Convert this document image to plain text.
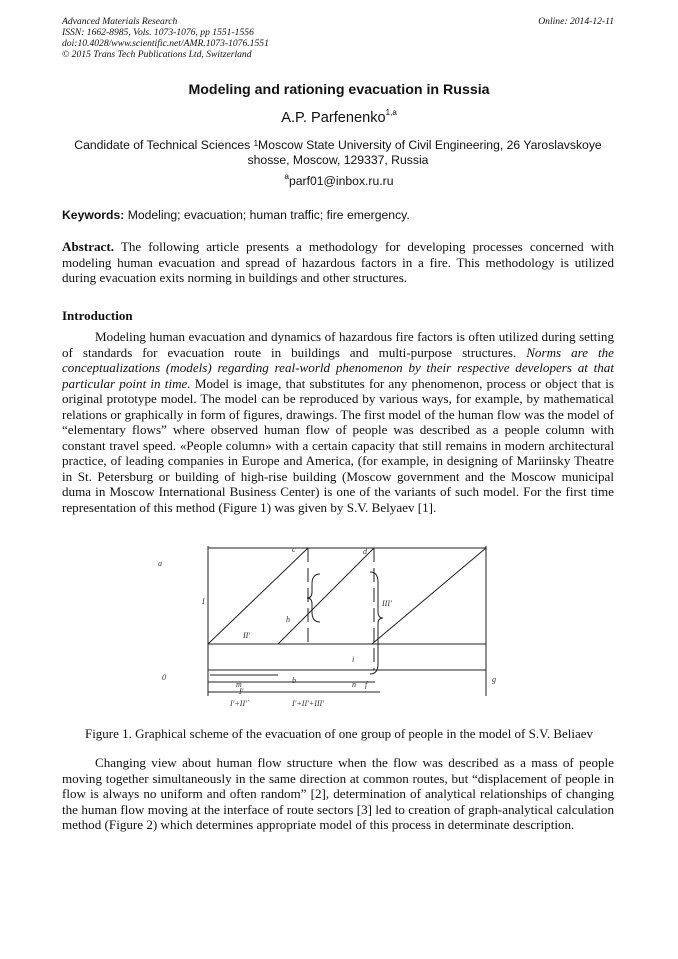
Advanced Materials Research
ISSN: 1662-8985, Vols. 1073-1076, pp 1551-1556
doi:10.4028/www.scientific.net/AMR.1073-1076.1551
© 2015 Trans Tech Publications Ltd, Switzerland
Online: 2014-12-11
Modeling and rationing evacuation in Russia
A.P. Parfenenko$^{1,a}$
Candidate of Technical Sciences $^1$Moscow State University of Civil Engineering, 26 Yaroslavskoye shosse, Moscow, 129337, Russia
$^a$parf01@inbox.ru.ru
Keywords: Modeling; evacuation; human traffic; fire emergency.
Abstract. The following article presents a methodology for developing processes concerned with modeling human evacuation and spread of hazardous factors in a fire. This methodology is utilized during evacuation exits norming in buildings and other structures.
Introduction
Modeling human evacuation and dynamics of hazardous fire factors is often utilized during setting of standards for evacuation route in buildings and multi-purpose structures. Norms are the conceptualizations (models) regarding real-world phenomenon by their respective developers at that particular point in time. Model is image, that substitutes for any phenomenon, process or object that is original prototype model. The model can be reproduced by various ways, for example, by mathematical relations or graphically in form of figures, drawings. The first model of the human flow was the model of “elementary flows” where observed human flow of people was described as a people column with constant travel speed. «People column» with a certain capacity that still remains in modern architectural practice, of leading companies in Europe and America, (for example, in designing of Mariinsky Theatre in St. Petersburg or building of high-rise building (Moscow government and the Moscow municipal duma in Moscow International Business Center) is one of the variants of such model. For the first time representation of this method (Figure 1) was given by S.V. Belyaev [1].
a
0	g
c	d
h
i
m	b	n f
I
II'
III'
I'
I'+II'`	I'+II'+III'
Figure 1. Graphical scheme of the evacuation of one group of people in the model of S.V. Beliaev
Changing view about human flow structure when the flow was described as a mass of people moving together simultaneously in the same direction at common routes, but “displacement of people in flow is always no uniform and often random” [2], determination of analytical relationships of changing the human flow moving at the interface of route sectors [3] led to creation of graph-analytical calculation method (Figure 2) which determines appropriate model of this process in determinate description.
